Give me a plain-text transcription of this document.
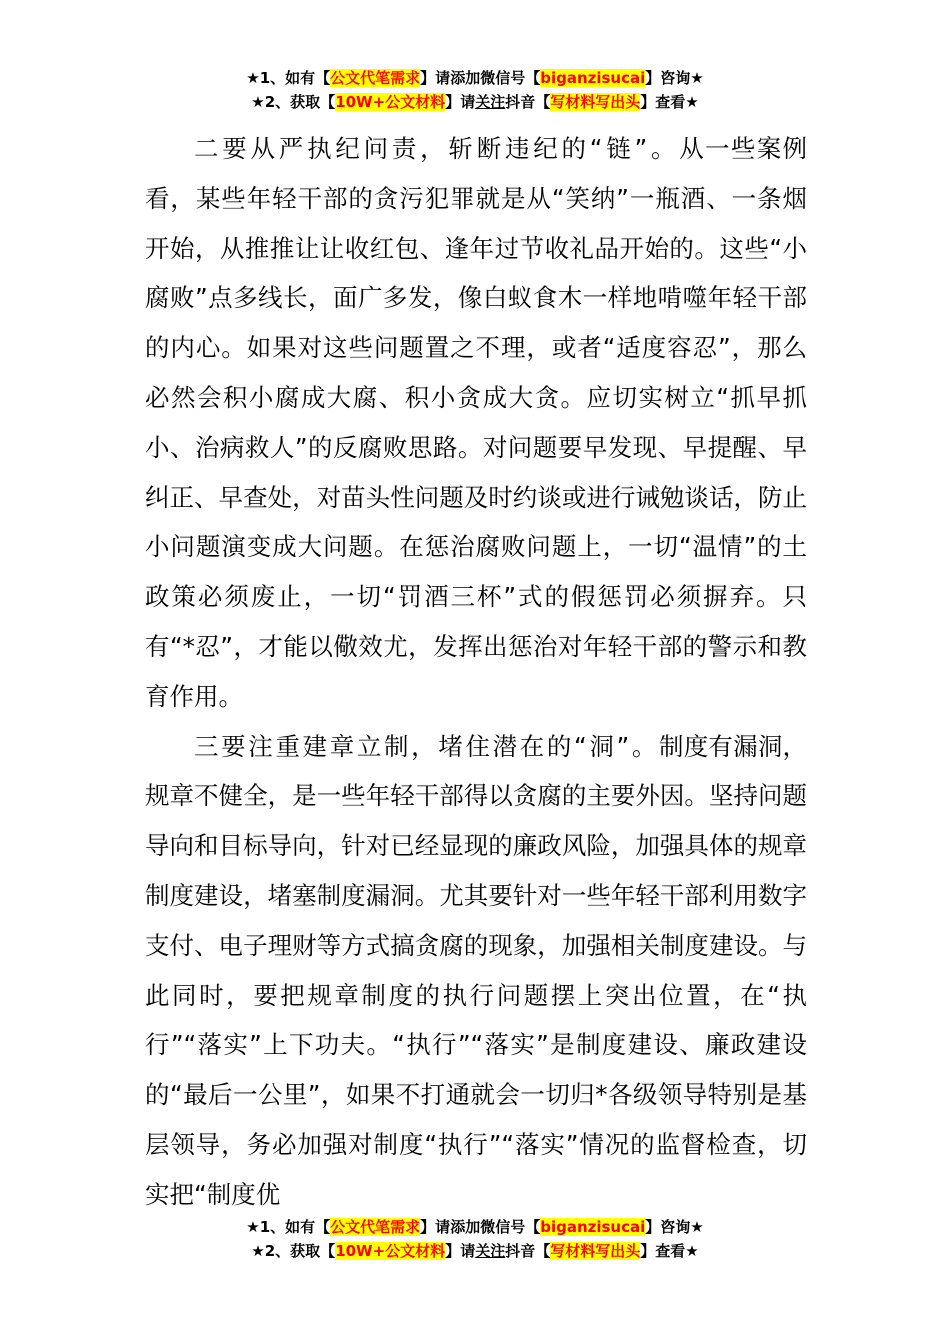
★1、如有【公文代笔需求】请添加微信号【biganzisucai】咨询★
★2、获取【10W+公文材料】请关注抖音【写材料写出头】查看★

二要从严执纪问责，斩断违纪的“链”。从一些案例看，某些年轻干部的贪污犯罪就是从“笑纳”一瓶酒、一条烟开始，从推推让让收红包、逢年过节收礼品开始的。这些“小腐败”点多线长，面广多发，像白蚁食木一样地啃噬年轻干部的内心。如果对这些问题置之不理，或者“适度容忍”，那么必然会积小腐成大腐、积小贪成大贪。应切实树立“抓早抓小、治病救人”的反腐败思路。对问题要早发现、早提醒、早纠正、早查处，对苗头性问题及时约谈或进行诫勉谈话，防止小问题演变成大问题。在惩治腐败问题上，一切“温情”的土政策必须废止，一切“罚酒三杯”式的假惩罚必须摒弃。只有“*忍”，才能以儆效尤，发挥出惩治对年轻干部的警示和教育作用。

三要注重建章立制，堵住潜在的“洞”。制度有漏洞，规章不健全，是一些年轻干部得以贪腐的主要外因。坚持问题导向和目标导向，针对已经显现的廉政风险，加强具体的规章制度建设，堵塞制度漏洞。尤其要针对一些年轻干部利用数字支付、电子理财等方式搞贪腐的现象，加强相关制度建设。与此同时，要把规章制度的执行问题摆上突出位置，在“执行”“落实”上下功夫。“执行”“落实”是制度建设、廉政建设的“最后一公里”，如果不打通就会一切归*各级领导特别是基层领导，务必加强对制度“执行”“落实”情况的监督检查，切实把“制度优

★1、如有【公文代笔需求】请添加微信号【biganzisucai】咨询★
★2、获取【10W+公文材料】请关注抖音【写材料写出头】查看★
